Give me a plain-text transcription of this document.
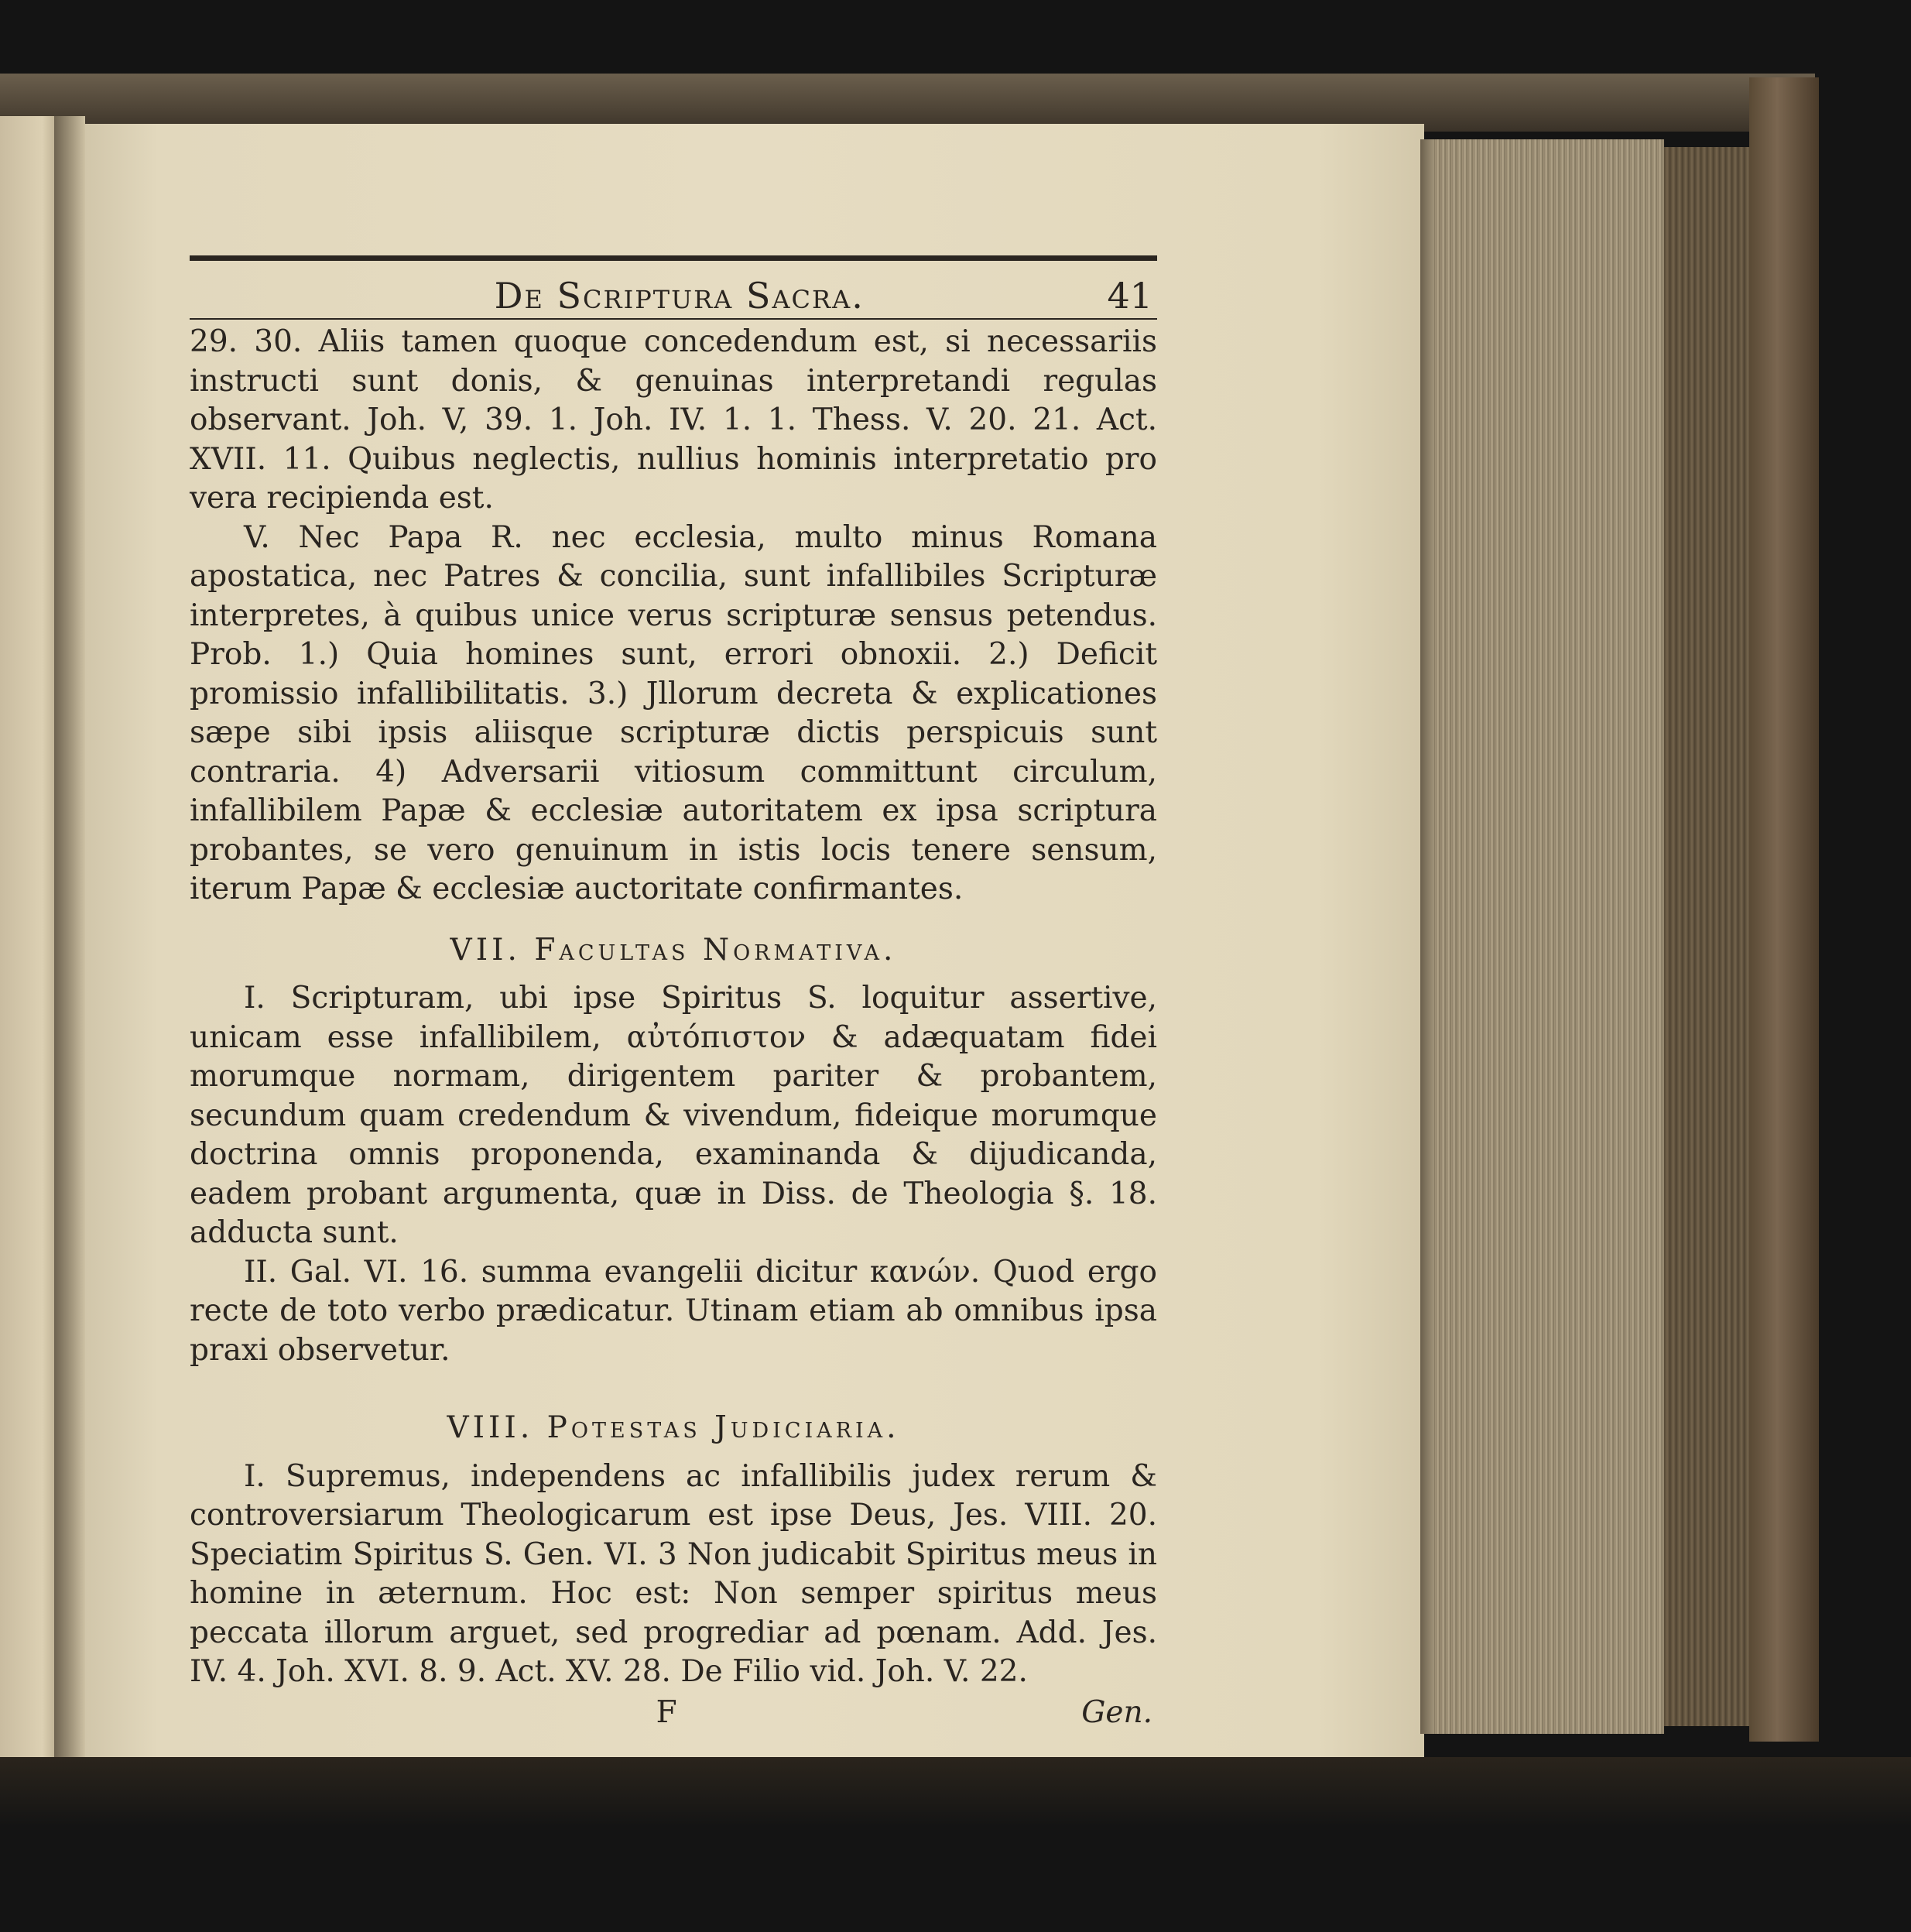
De Scriptura Sacra.	41

29. 30. Aliis tamen quoque concedendum est, si necessariis instructi sunt donis, & genuinas interpretandi regulas observant. Joh. V, 39. 1. Joh. IV. 1. 1. Thess. V. 20. 21. Act. XVII. 11. Quibus neglectis, nullius hominis interpretatio pro vera recipienda est.

V. Nec Papa R. nec ecclesia, multo minus Romana apostatica, nec Patres & concilia, sunt infallibiles Scripturæ interpretes, à quibus unice verus scripturæ sensus petendus. Prob. 1.) Quia homines sunt, errori obnoxii. 2.) Deficit promissio infallibilitatis. 3.) Jllorum decreta & explicationes sæpe sibi ipsis aliisque scripturæ dictis perspicuis sunt contraria. 4) Adversarii vitiosum committunt circulum, infallibilem Papæ & ecclesiæ autoritatem ex ipsa scriptura probantes, se vero genuinum in istis locis tenere sensum, iterum Papæ & ecclesiæ auctoritate confirmantes.

VII. Facultas Normativa.

I. Scripturam, ubi ipse Spiritus S. loquitur assertive, unicam esse infallibilem, αὐτόπιστον & adæquatam fidei morumque normam, dirigentem pariter & probantem, secundum quam credendum & vivendum, fideique morumque doctrina omnis proponenda, examinanda & dijudicanda, eadem probant argumenta, quæ in Diss. de Theologia §. 18. adducta sunt.

II. Gal. VI. 16. summa evangelii dicitur κανών. Quod ergo recte de toto verbo prædicatur. Utinam etiam ab omnibus ipsa praxi observetur.

VIII. Potestas Judiciaria.

I. Supremus, independens ac infallibilis judex rerum & controversiarum Theologicarum est ipse Deus, Jes. VIII. 20. Speciatim Spiritus S. Gen. VI. 3 Non judicabit Spiritus meus in homine in æternum. Hoc est: Non semper spiritus meus peccata illorum arguet, sed progrediar ad pœnam. Add. Jes. IV. 4. Joh. XVI. 8. 9. Act. XV. 28. De Filio vid. Joh. V. 22.

F	Gen.
